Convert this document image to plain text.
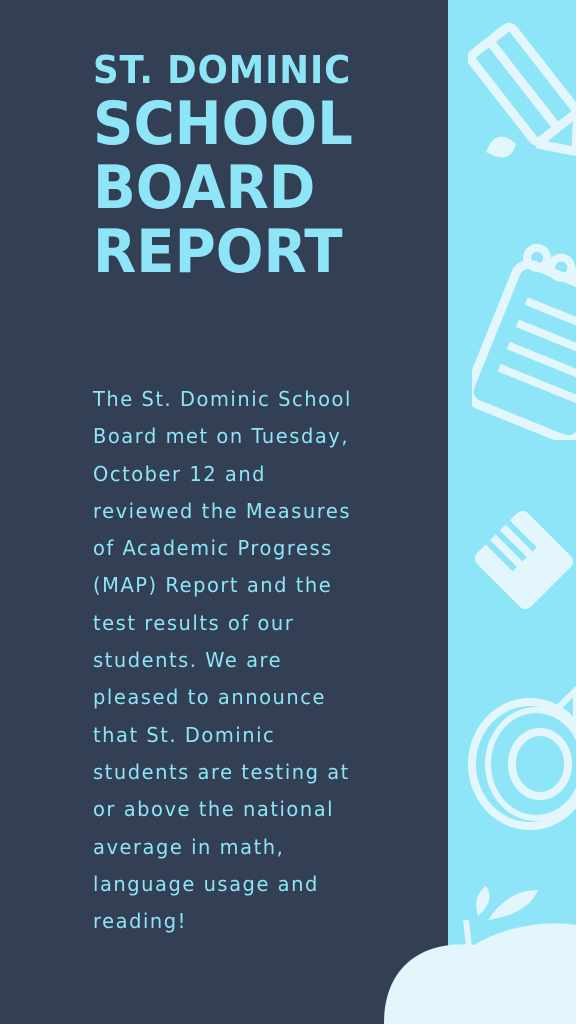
ST. DOMINIC
SCHOOL
BOARD
REPORT

The St. Dominic School
Board met on Tuesday,
October 12 and
reviewed the Measures
of Academic Progress
(MAP) Report and the
test results of our
students. We are
pleased to announce
that St. Dominic
students are testing at
or above the national
average in math,
language usage and
reading!
